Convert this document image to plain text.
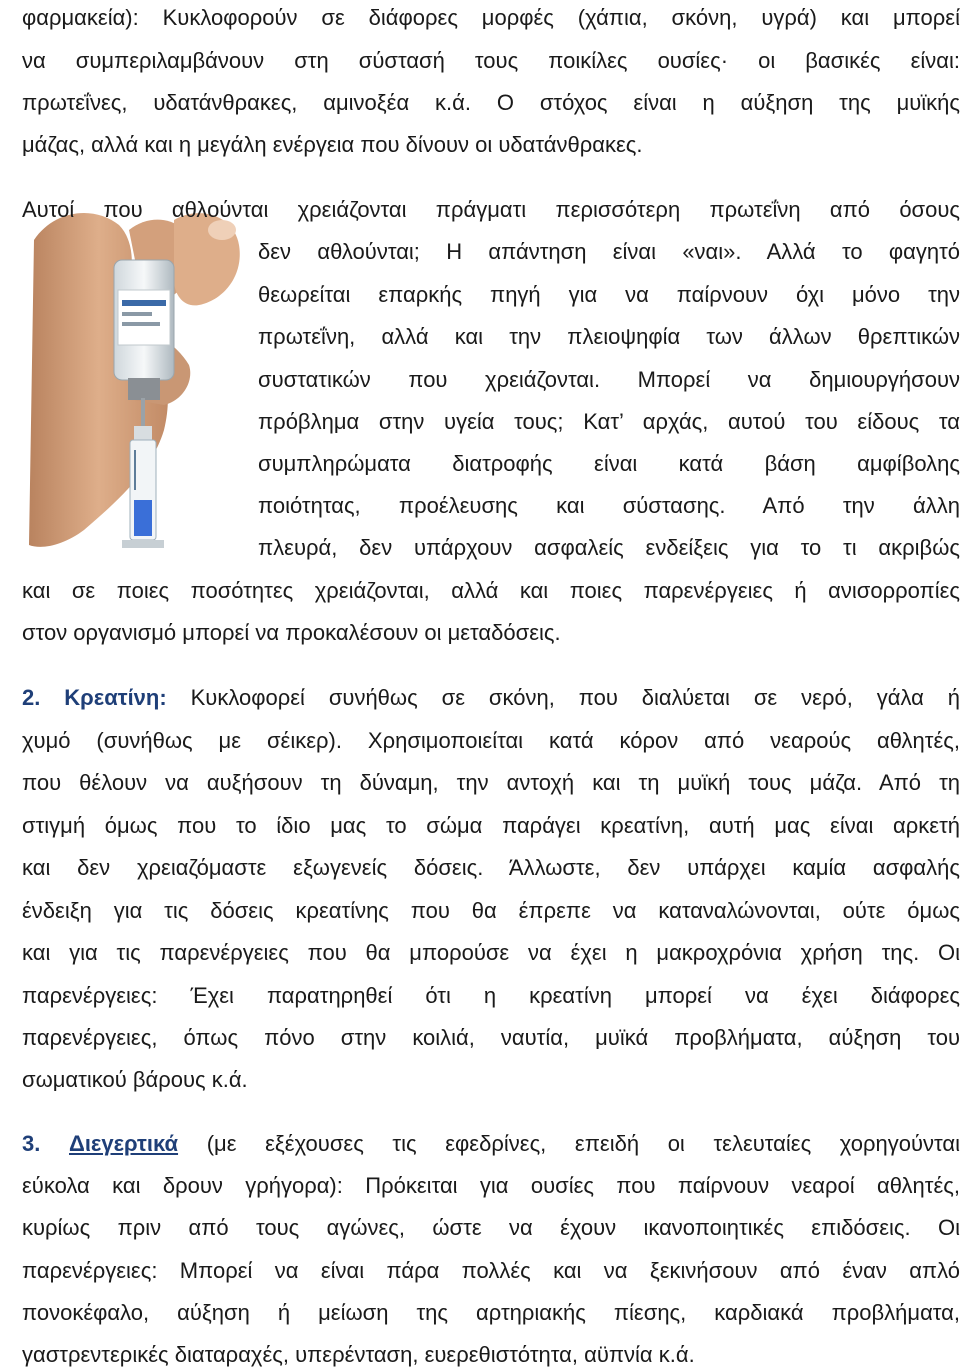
φαρμακεία): Κυκλοφορούν σε διάφορες μορφές (χάπια, σκόνη, υγρά) και μπορεί
να συμπεριλαμβάνουν στη σύστασή τους ποικίλες ουσίες· οι βασικές είναι:
πρωτεΐνες, υδατάνθρακες, αμινοξέα κ.ά. Ο στόχος είναι η αύξηση της μυϊκής
μάζας, αλλά και η μεγάλη ενέργεια που δίνουν οι υδατάνθρακες.
Αυτοί που αθλούνται χρειάζονται πράγματι περισσότερη πρωτεΐνη από όσους
δεν αθλούνται; Η απάντηση είναι «ναι». Αλλά το φαγητό
θεωρείται επαρκής πηγή για να παίρνουν όχι μόνο την
πρωτεΐνη, αλλά και την πλειοψηφία των άλλων θρεπτικών
συστατικών που χρειάζονται. Μπορεί να δημιουργήσουν
πρόβλημα στην υγεία τους; Κατ’ αρχάς, αυτού του είδους τα
συμπληρώματα διατροφής είναι κατά βάση αμφίβολης
ποιότητας, προέλευσης και σύστασης. Από την άλλη
πλευρά, δεν υπάρχουν ασφαλείς ενδείξεις για το τι ακριβώς
και σε ποιες ποσότητες χρειάζονται, αλλά και ποιες παρενέργειες ή ανισορροπίες
στον οργανισμό μπορεί να προκαλέσουν οι μεταδόσεις.
2. Κρεατίνη: Κυκλοφορεί συνήθως σε σκόνη, που διαλύεται σε νερό, γάλα ή
χυμό (συνήθως με σέικερ). Χρησιμοποιείται κατά κόρον από νεαρούς αθλητές,
που θέλουν να αυξήσουν τη δύναμη, την αντοχή και τη μυϊκή τους μάζα. Από τη
στιγμή όμως που το ίδιο μας το σώμα παράγει κρεατίνη, αυτή μας είναι αρκετή
και δεν χρειαζόμαστε εξωγενείς δόσεις. Άλλωστε, δεν υπάρχει καμία ασφαλής
ένδειξη για τις δόσεις κρεατίνης που θα έπρεπε να καταναλώνονται, ούτε όμως
και για τις παρενέργειες που θα μπορούσε να έχει η μακροχρόνια χρήση της. Οι
παρενέργειες: Έχει παρατηρηθεί ότι η κρεατίνη μπορεί να έχει διάφορες
παρενέργειες, όπως πόνο στην κοιλιά, ναυτία, μυϊκά προβλήματα, αύξηση του
σωματικού βάρους κ.ά.
3. Διεγερτικά (με εξέχουσες τις εφεδρίνες, επειδή οι τελευταίες χορηγούνται
εύκολα και δρουν γρήγορα): Πρόκειται για ουσίες που παίρνουν νεαροί αθλητές,
κυρίως πριν από τους αγώνες, ώστε να έχουν ικανοποιητικές επιδόσεις. Οι
παρενέργειες: Μπορεί να είναι πάρα πολλές και να ξεκινήσουν από έναν απλό
πονοκέφαλο, αύξηση ή μείωση της αρτηριακής πίεσης, καρδιακά προβλήματα,
γαστρεντερικές διαταραχές, υπερένταση, ευερεθιστότητα, αϋπνία κ.ά.
